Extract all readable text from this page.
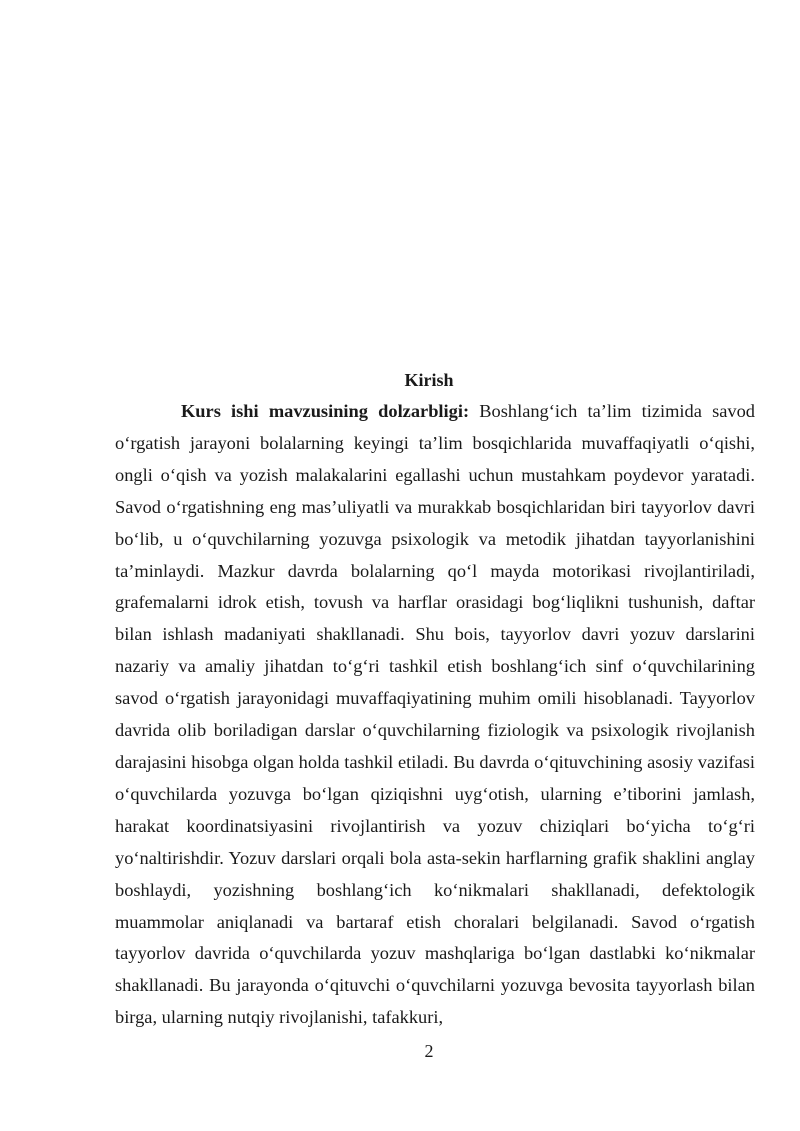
Kirish

Kurs ishi mavzusining dolzarbligi: Boshlang‘ich ta’lim tizimida savod o‘rgatish jarayoni bolalarning keyingi ta’lim bosqichlarida muvaffaqiyatli o‘qishi, ongli o‘qish va yozish malakalarini egallashi uchun mustahkam poydevor yaratadi. Savod o‘rgatishning eng mas’uliyatli va murakkab bosqichlaridan biri tayyorlov davri bo‘lib, u o‘quvchilarning yozuvga psixologik va metodik jihatdan tayyorlanishini ta’minlaydi. Mazkur davrda bolalarning qo‘l mayda motorikasi rivojlantiriladi, grafemalarni idrok etish, tovush va harflar orasidagi bog‘liqlikni tushunish, daftar bilan ishlash madaniyati shakllanadi. Shu bois, tayyorlov davri yozuv darslarini nazariy va amaliy jihatdan to‘g‘ri tashkil etish boshlang‘ich sinf o‘quvchilarining savod o‘rgatish jarayonidagi muvaffaqiyatining muhim omili hisoblanadi. Tayyorlov davrida olib boriladigan darslar o‘quvchilarning fiziologik va psixologik rivojlanish darajasini hisobga olgan holda tashkil etiladi. Bu davrda o‘qituvchining asosiy vazifasi o‘quvchilarda yozuvga bo‘lgan qiziqishni uyg‘otish, ularning e’tiborini jamlash, harakat koordinatsiyasini rivojlantirish va yozuv chiziqlari bo‘yicha to‘g‘ri yo‘naltirishdir. Yozuv darslari orqali bola asta-sekin harflarning grafik shaklini anglay boshlaydi, yozishning boshlang‘ich ko‘nikmalari shakllanadi, defektologik muammolar aniqlanadi va bartaraf etish choralari belgilanadi. Savod o‘rgatish tayyorlov davrida o‘quvchilarda yozuv mashqlariga bo‘lgan dastlabki ko‘nikmalar shakllanadi. Bu jarayonda o‘qituvchi o‘quvchilarni yozuvga bevosita tayyorlash bilan birga, ularning nutqiy rivojlanishi, tafakkuri,

2
